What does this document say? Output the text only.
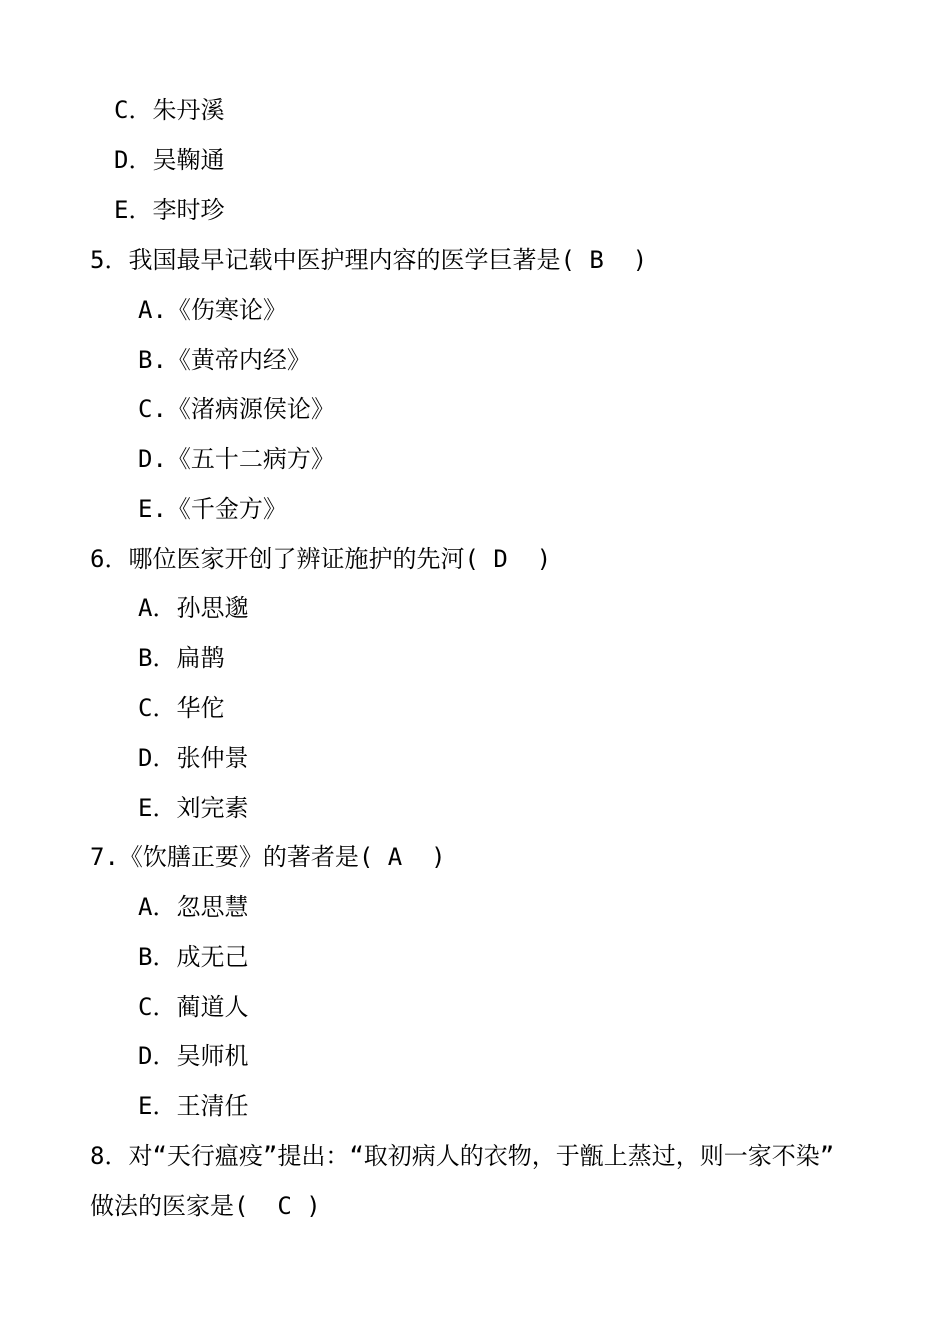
C．朱丹溪
D．吴鞠通
E．李时珍
5．我国最早记载中医护理内容的医学巨著是( B  )
A.《伤寒论》
B.《黄帝内经》
C.《渚病源侯论》
D.《五十二病方》
E.《千金方》
6．哪位医家开创了辨证施护的先河( D  )
A．孙思邈
B．扁鹊
C．华佗
D．张仲景
E．刘完素
7.《饮膳正要》的著者是( A  )
A．忽思慧
B．成无己
C．蔺道人
D．吴师机
E．王清任
8．对“天行瘟疫”提出：“取初病人的衣物，于甑上蒸过，则一家不染”
做法的医家是(  C )
